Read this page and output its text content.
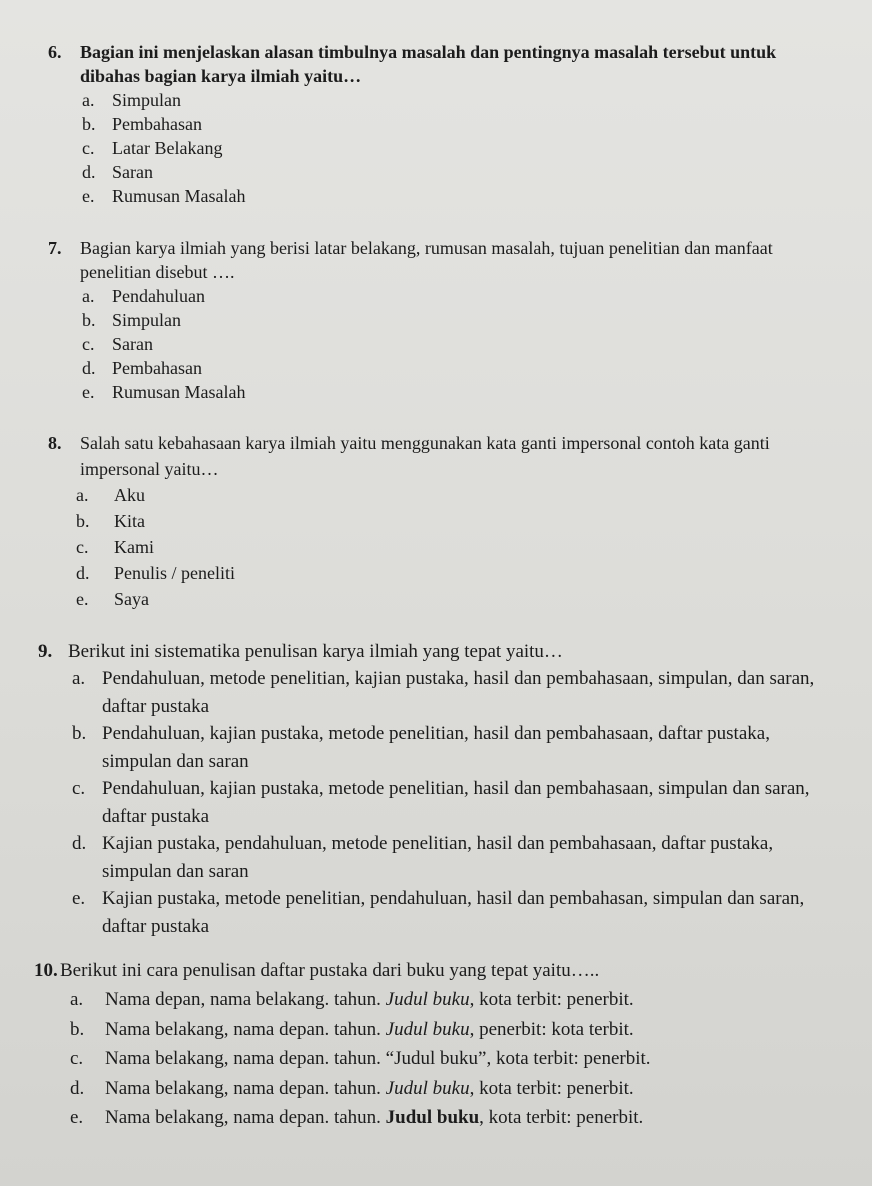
6. Bagian ini menjelaskan alasan timbulnya masalah dan pentingnya masalah tersebut untuk dibahas bagian karya ilmiah yaitu…
a. Simpulan
b. Pembahasan
c. Latar Belakang
d. Saran
e. Rumusan Masalah
7. Bagian karya ilmiah yang berisi latar belakang, rumusan masalah, tujuan penelitian dan manfaat penelitian disebut ….
a. Pendahuluan
b. Simpulan
c. Saran
d. Pembahasan
e. Rumusan Masalah
8. Salah satu kebahasaan karya ilmiah yaitu menggunakan kata ganti impersonal contoh kata ganti impersonal yaitu…
a. Aku
b. Kita
c. Kami
d. Penulis / peneliti
e. Saya
9. Berikut ini sistematika penulisan karya ilmiah yang tepat yaitu…
a. Pendahuluan, metode penelitian, kajian pustaka, hasil dan pembahasaan, simpulan, dan saran, daftar pustaka
b. Pendahuluan, kajian pustaka, metode penelitian, hasil dan pembahasaan, daftar pustaka, simpulan dan saran
c. Pendahuluan, kajian pustaka, metode penelitian, hasil dan pembahasaan, simpulan dan saran, daftar pustaka
d. Kajian pustaka, pendahuluan, metode penelitian, hasil dan pembahasaan, daftar pustaka, simpulan dan saran
e. Kajian pustaka, metode penelitian, pendahuluan, hasil dan pembahasan, simpulan dan saran, daftar pustaka
10. Berikut ini cara penulisan daftar pustaka dari buku yang tepat yaitu…..
a. Nama depan, nama belakang. tahun. Judul buku, kota terbit: penerbit.
b. Nama belakang, nama depan. tahun. Judul buku, penerbit: kota terbit.
c. Nama belakang, nama depan. tahun. “Judul buku”, kota terbit: penerbit.
d. Nama belakang, nama depan. tahun. Judul buku, kota terbit: penerbit.
e. Nama belakang, nama depan. tahun. Judul buku, kota terbit: penerbit.
